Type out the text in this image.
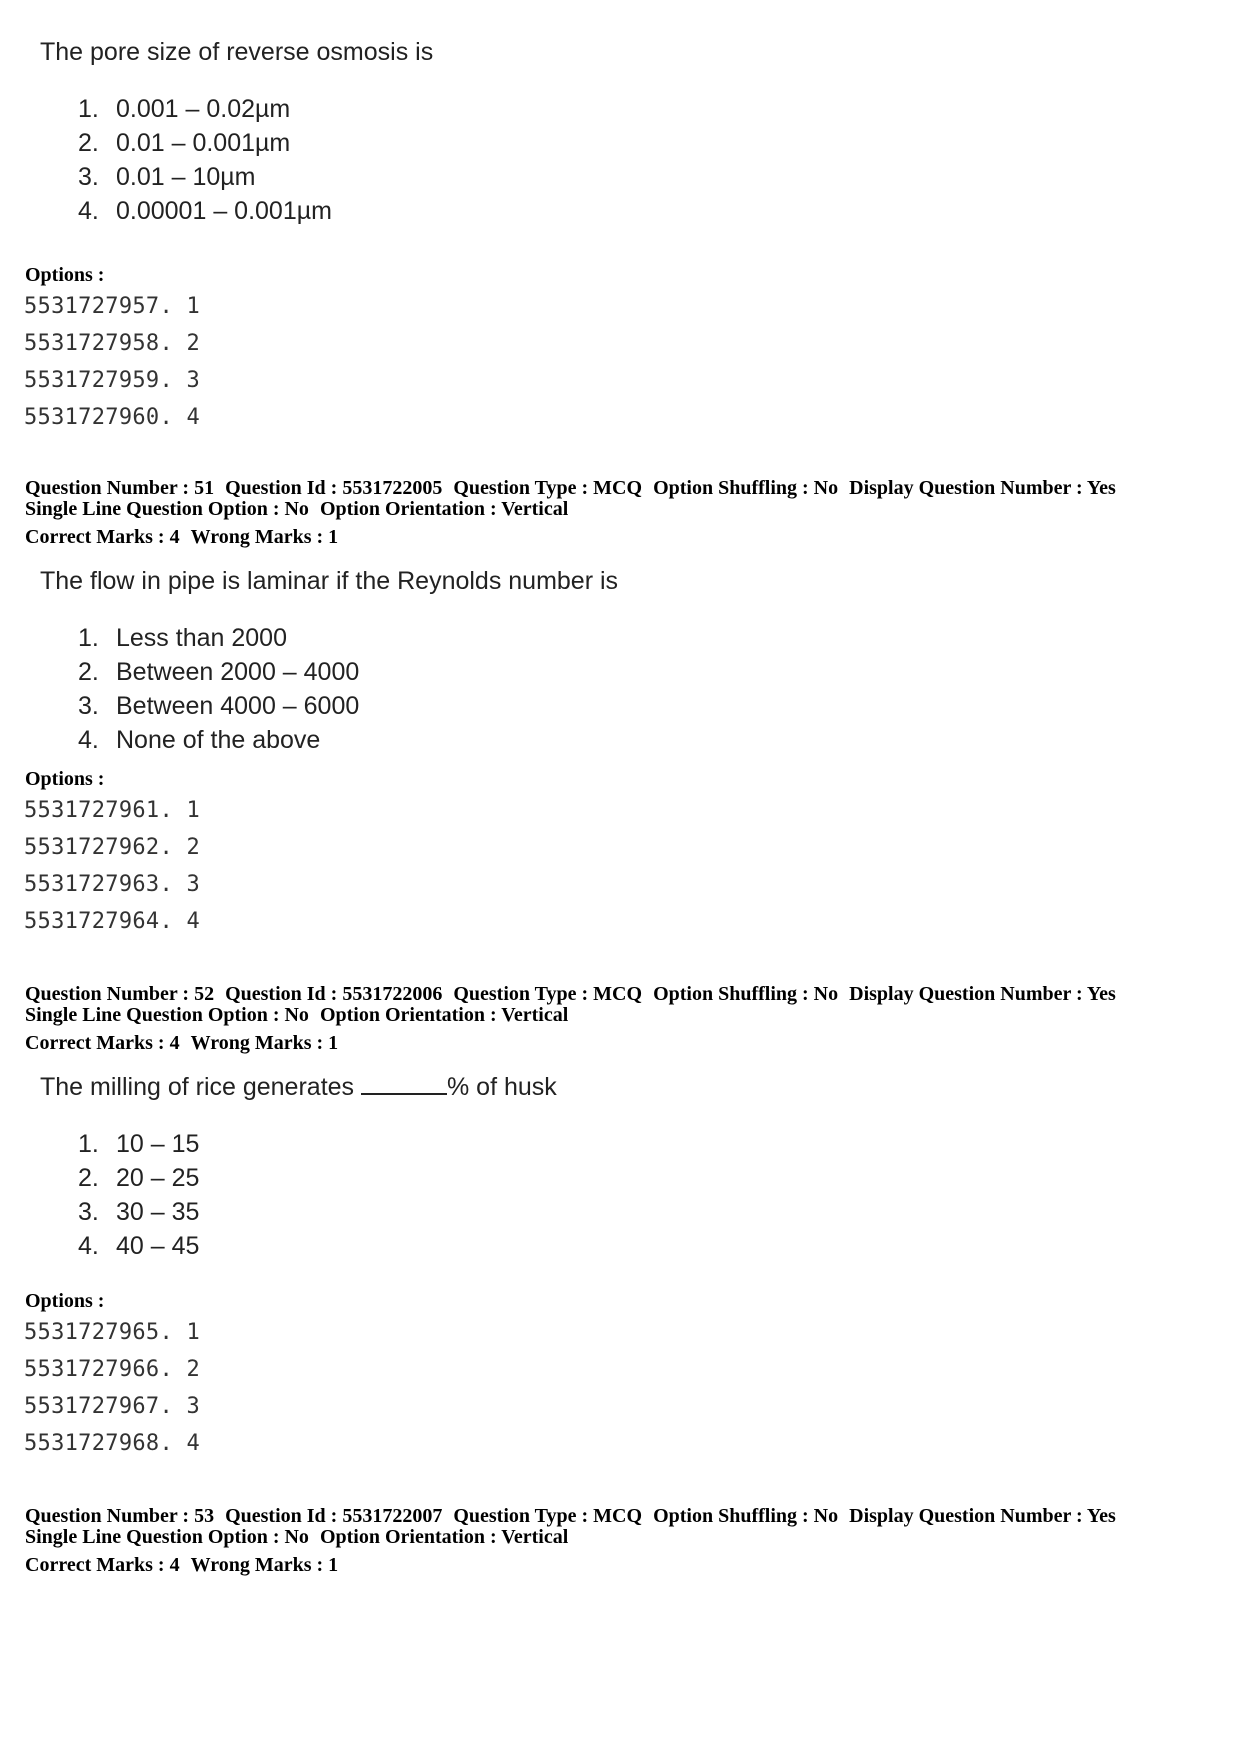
The pore size of reverse osmosis is
1. 0.001 – 0.02µm
2. 0.01 – 0.001µm
3. 0.01 – 10µm
4. 0.00001 – 0.001µm
Options :
5531727957. 1
5531727958. 2
5531727959. 3
5531727960. 4
Question Number : 51 Question Id : 5531722005 Question Type : MCQ Option Shuffling : No Display Question Number : Yes
Single Line Question Option : No Option Orientation : Vertical
Correct Marks : 4 Wrong Marks : 1
The flow in pipe is laminar if the Reynolds number is
1. Less than 2000
2. Between 2000 – 4000
3. Between 4000 – 6000
4. None of the above
Options :
5531727961. 1
5531727962. 2
5531727963. 3
5531727964. 4
Question Number : 52 Question Id : 5531722006 Question Type : MCQ Option Shuffling : No Display Question Number : Yes
Single Line Question Option : No Option Orientation : Vertical
Correct Marks : 4 Wrong Marks : 1
The milling of rice generates	% of husk
1. 10 – 15
2. 20 – 25
3. 30 – 35
4. 40 – 45
Options :
5531727965. 1
5531727966. 2
5531727967. 3
5531727968. 4
Question Number : 53 Question Id : 5531722007 Question Type : MCQ Option Shuffling : No Display Question Number : Yes
Single Line Question Option : No Option Orientation : Vertical
Correct Marks : 4 Wrong Marks : 1
